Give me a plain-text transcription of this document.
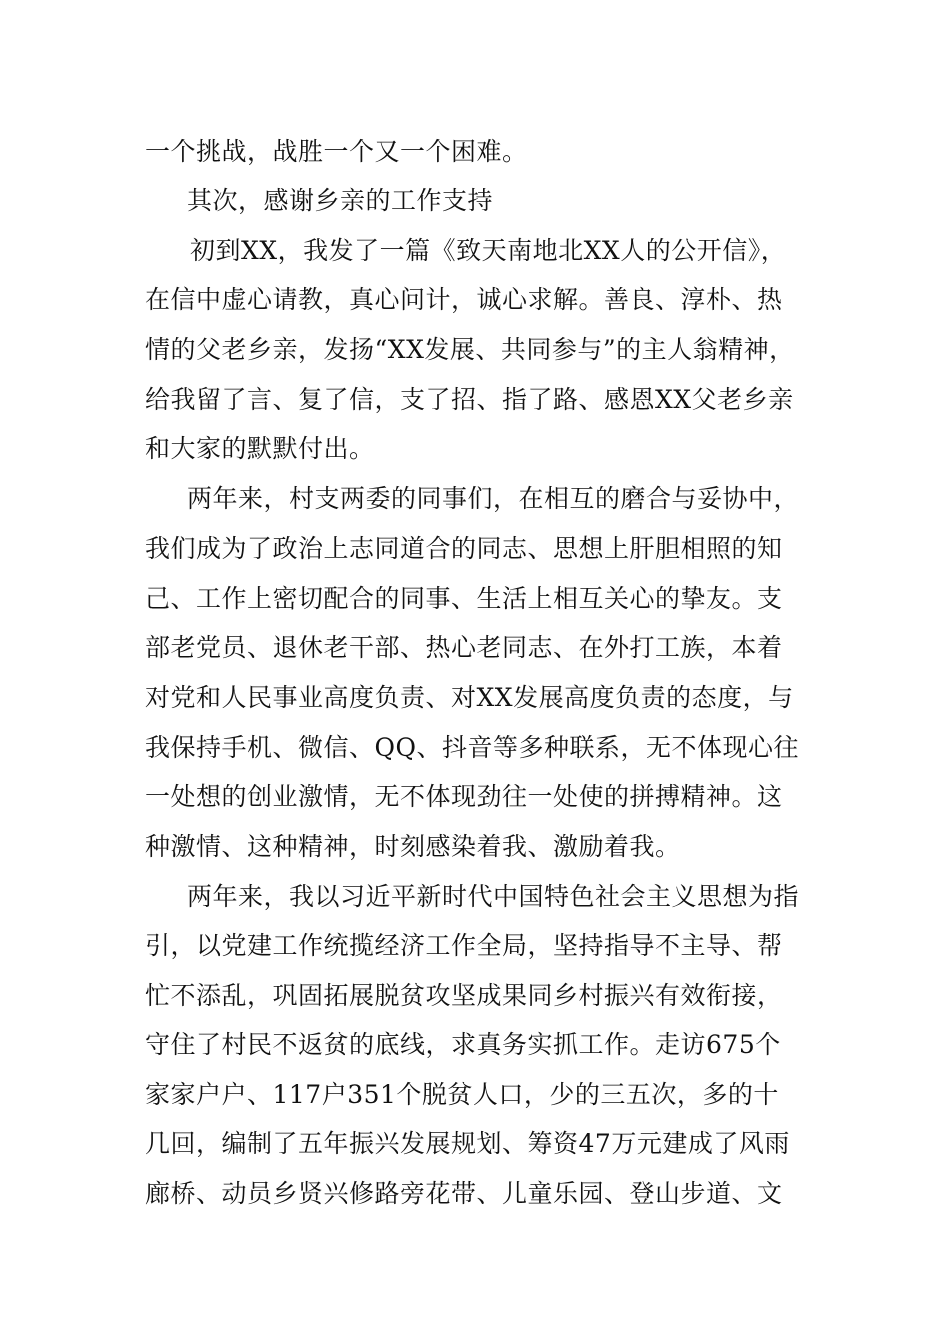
一个挑战，战胜一个又一个困难。
其次，感谢乡亲的工作支持
初到XX，我发了一篇《致天南地北XX人的公开信》，
在信中虚心请教，真心问计，诚心求解。善良、淳朴、热
情的父老乡亲，发扬“XX发展、共同参与”的主人翁精神，
给我留了言、复了信，支了招、指了路、感恩XX父老乡亲
和大家的默默付出。
两年来，村支两委的同事们，在相互的磨合与妥协中，
我们成为了政治上志同道合的同志、思想上肝胆相照的知
己、工作上密切配合的同事、生活上相互关心的挚友。支
部老党员、退休老干部、热心老同志、在外打工族，本着
对党和人民事业高度负责、对XX发展高度负责的态度，与
我保持手机、微信、QQ、抖音等多种联系，无不体现心往
一处想的创业激情，无不体现劲往一处使的拼搏精神。这
种激情、这种精神，时刻感染着我、激励着我。
两年来，我以习近平新时代中国特色社会主义思想为指
引，以党建工作统揽经济工作全局，坚持指导不主导、帮
忙不添乱，巩固拓展脱贫攻坚成果同乡村振兴有效衔接，
守住了村民不返贫的底线，求真务实抓工作。走访675个
家家户户、117户351个脱贫人口，少的三五次，多的十
几回，编制了五年振兴发展规划、筹资47万元建成了风雨
廊桥、动员乡贤兴修路旁花带、儿童乐园、登山步道、文
